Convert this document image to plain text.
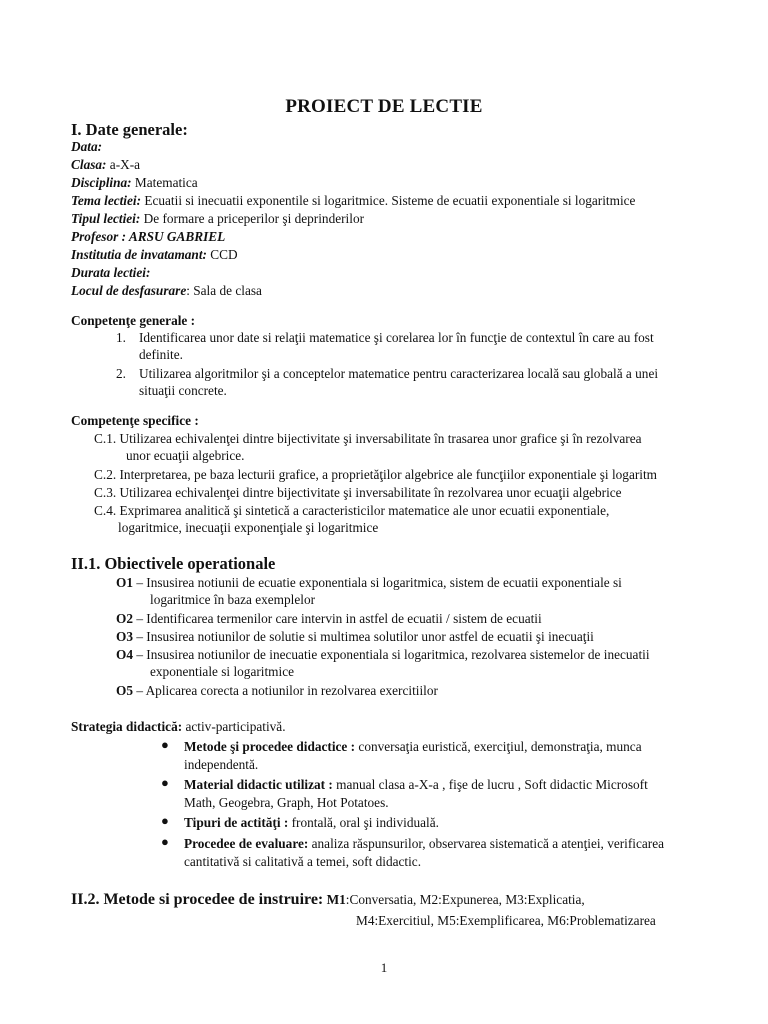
PROIECT DE LECTIE
I. Date generale:
Data:
Clasa: a-X-a
Disciplina: Matematica
Tema lectiei: Ecuatii si inecuatii exponentile si logaritmice. Sisteme de ecuatii exponentiale si logaritmice
Tipul lectiei: De formare a priceperilor şi deprinderilor
Profesor : ARSU GABRIEL
Institutia de invatamant: CCD
Durata lectiei:
Locul de desfasurare: Sala de clasa
Conpetenţe generale :
1. Identificarea unor date si relaţii matematice şi corelarea lor în funcţie de contextul în care au fost
definite.
2. Utilizarea algoritmilor şi a conceptelor matematice pentru caracterizarea locală sau globală a unei
situaţii concrete.
Competenţe specifice :
C.1. Utilizarea echivalenţei dintre bijectivitate şi inversabilitate în trasarea unor grafice şi în rezolvarea
unor ecuaţii algebrice.
C.2. Interpretarea, pe baza lecturii grafice, a proprietăţilor algebrice ale funcţiilor exponentiale şi logaritm
C.3. Utilizarea echivalenţei dintre bijectivitate şi inversabilitate în rezolvarea unor ecuaţii algebrice
C.4. Exprimarea analitică şi sintetică a caracteristicilor matematice ale unor ecuatii exponentiale,
logaritmice, inecuaţii exponenţiale şi logaritmice
II.1. Obiectivele operationale
O1 – Insusirea notiunii de ecuatie exponentiala si logaritmica, sistem de ecuatii exponentiale si
logaritmice în baza exemplelor
O2 – Identificarea termenilor care intervin in astfel de ecuatii / sistem de ecuatii
O3 – Insusirea notiunilor de solutie si multimea solutilor unor astfel de ecuatii şi inecuaţii
O4 – Insusirea notiunilor de inecuatie exponentiala si logaritmica, rezolvarea sistemelor de inecuatii
exponentiale si logaritmice
O5 – Aplicarea corecta a notiunilor in rezolvarea exercitiilor
Strategia didactică: activ-participativă.
● Metode şi procedee didactice : conversaţia euristică, exerciţiul, demonstraţia, munca
independentă.
● Material didactic utilizat : manual clasa a-X-a , fişe de lucru , Soft didactic Microsoft
Math, Geogebra, Graph, Hot Potatoes.
● Tipuri de actităţi : frontală, oral şi individuală.
● Procedee de evaluare: analiza răspunsurilor, observarea sistematică a atenţiei, verificarea
cantitativă si calitativă a temei, soft didactic.
II.2. Metode si procedee de instruire: M1:Conversatia, M2:Expunerea, M3:Explicatia,
M4:Exercitiul, M5:Exemplificarea, M6:Problematizarea
1
